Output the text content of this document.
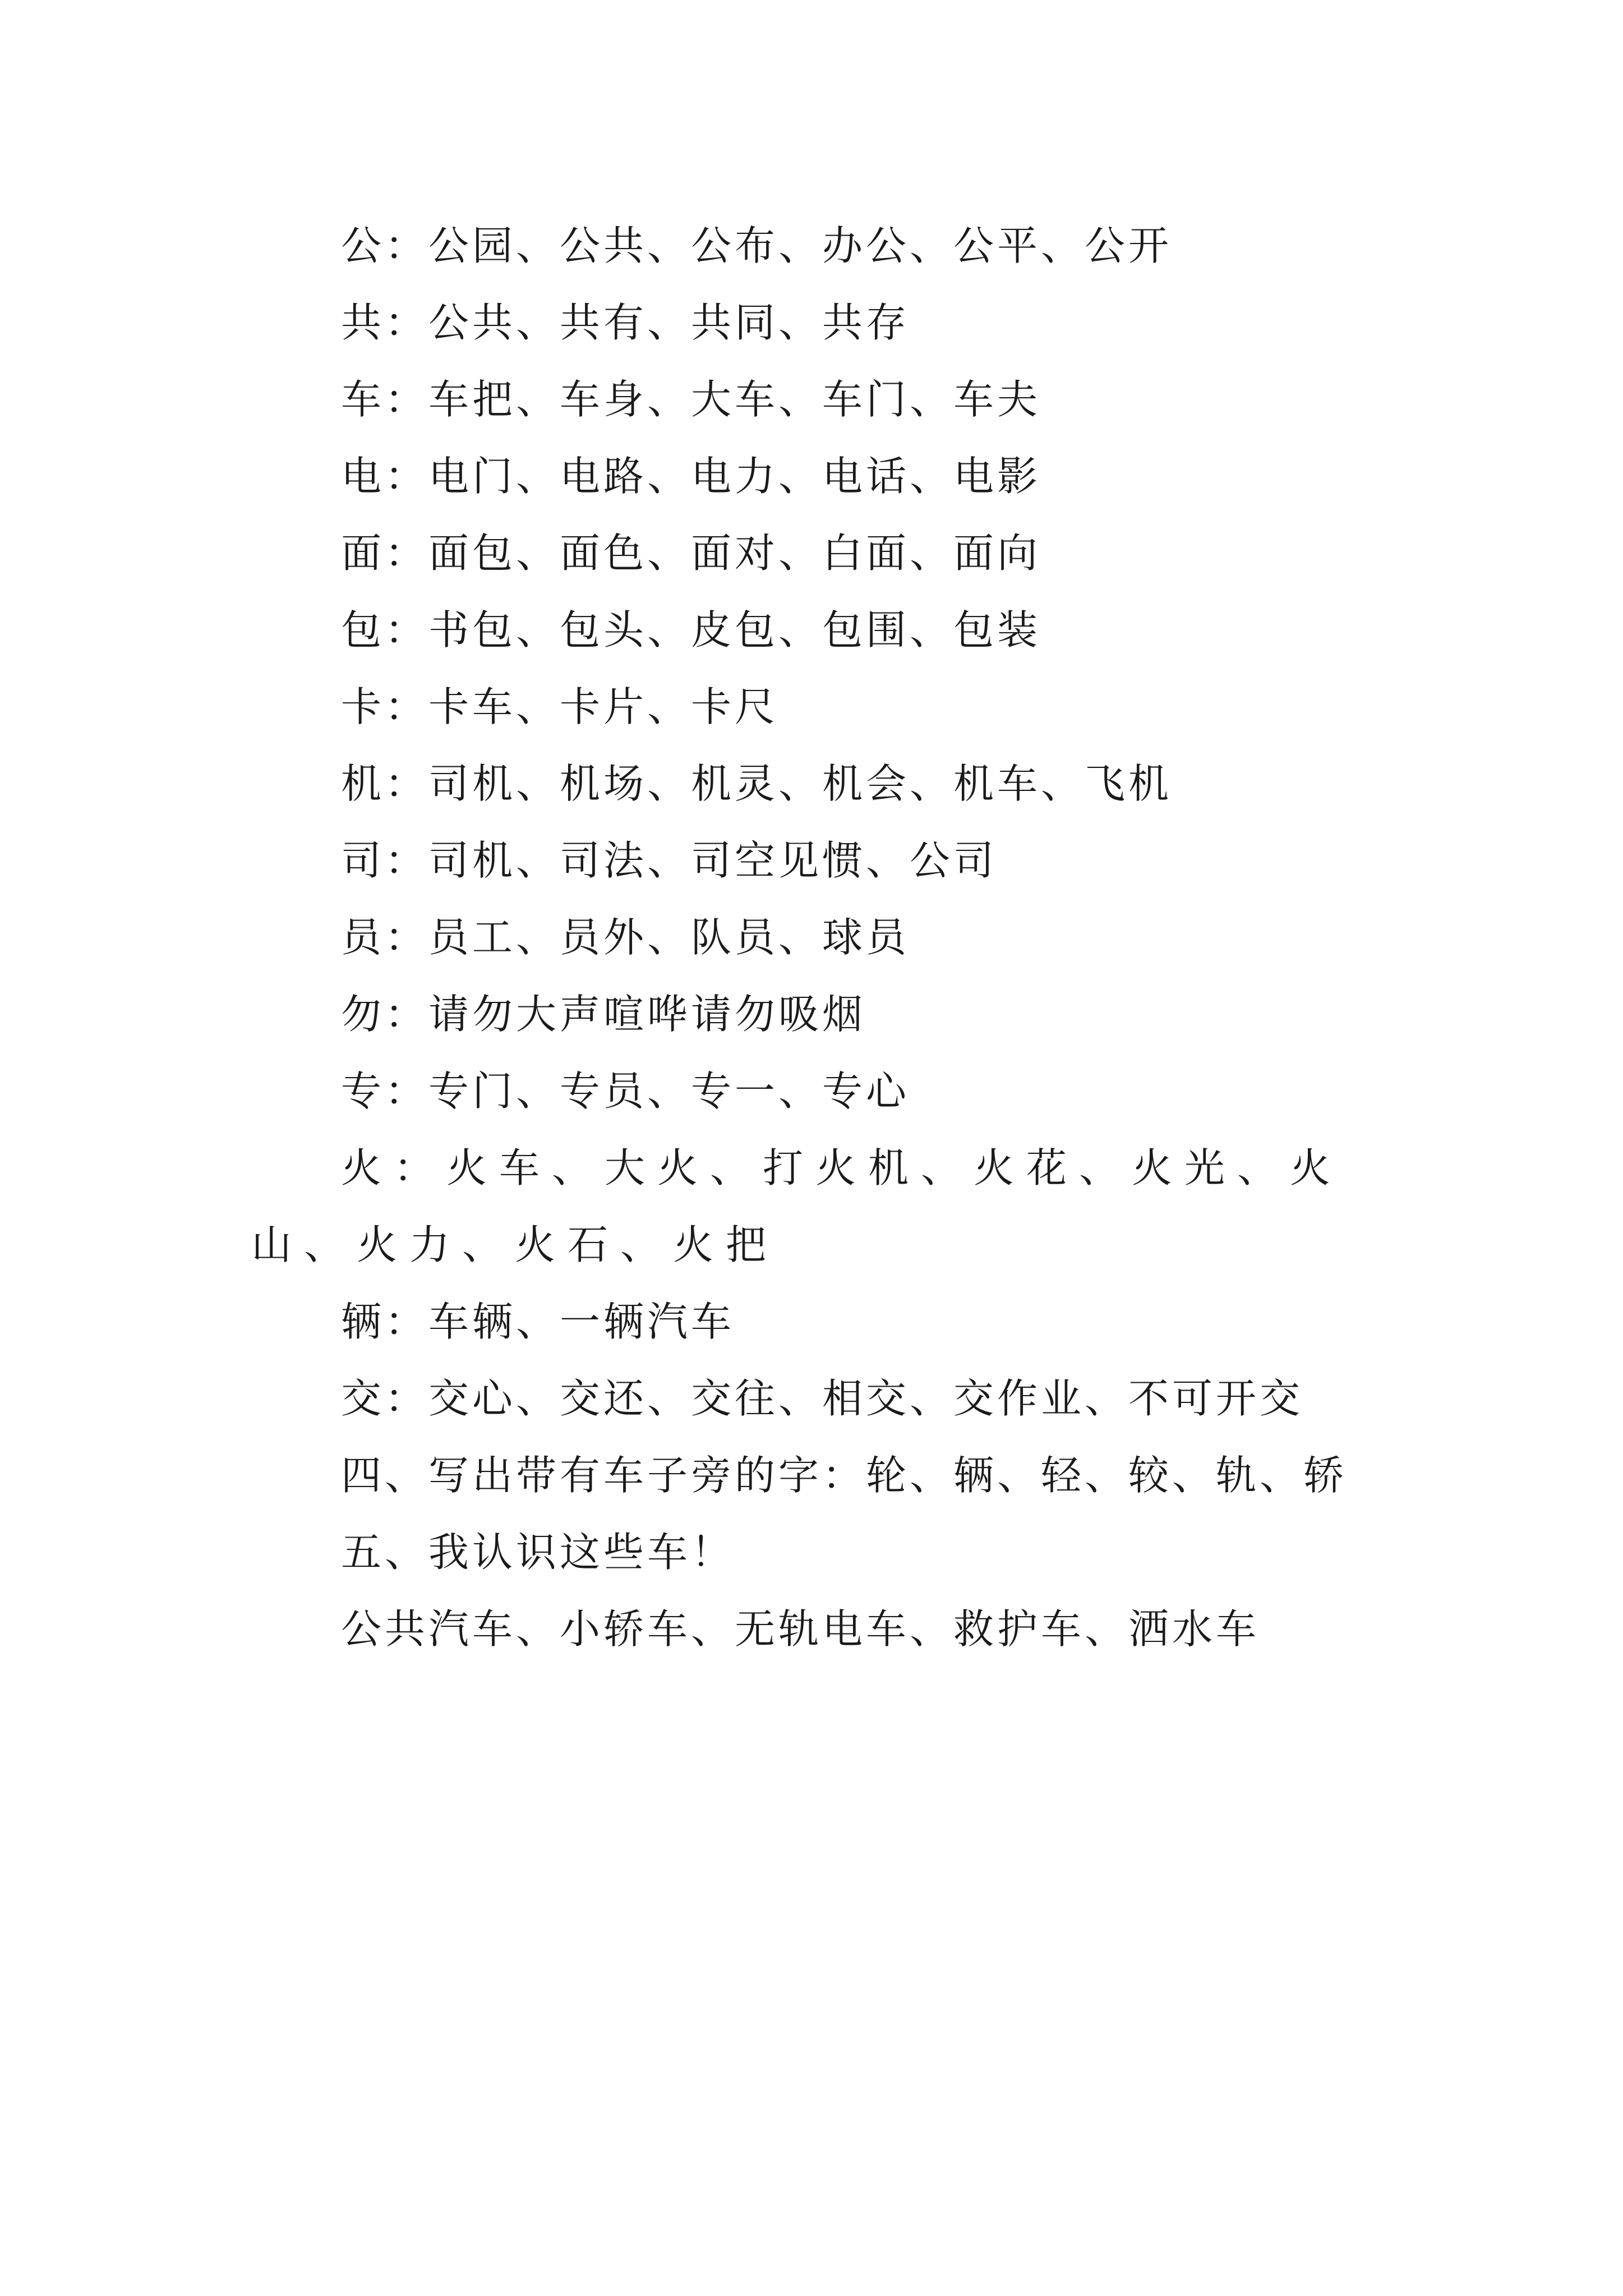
公：公园、公共、公布、办公、公平、公开
共：公共、共有、共同、共存
车：车把、车身、大车、车门、车夫
电：电门、电路、电力、电话、电影
面：面包、面色、面对、白面、面向
包：书包、包头、皮包、包围、包装
卡：卡车、卡片、卡尺
机：司机、机场、机灵、机会、机车、飞机
司：司机、司法、司空见惯、公司
员：员工、员外、队员、球员
勿：请勿大声喧哗请勿吸烟
专：专门、专员、专一、专心
火：火车、大火、打火机、火花、火光、火山、火力、火石、火把
辆：车辆、一辆汽车
交：交心、交还、交往、相交、交作业、不可开交
四、写出带有车子旁的字：轮、辆、轻、较、轨、轿
五、我认识这些车！
公共汽车、小轿车、无轨电车、救护车、洒水车
